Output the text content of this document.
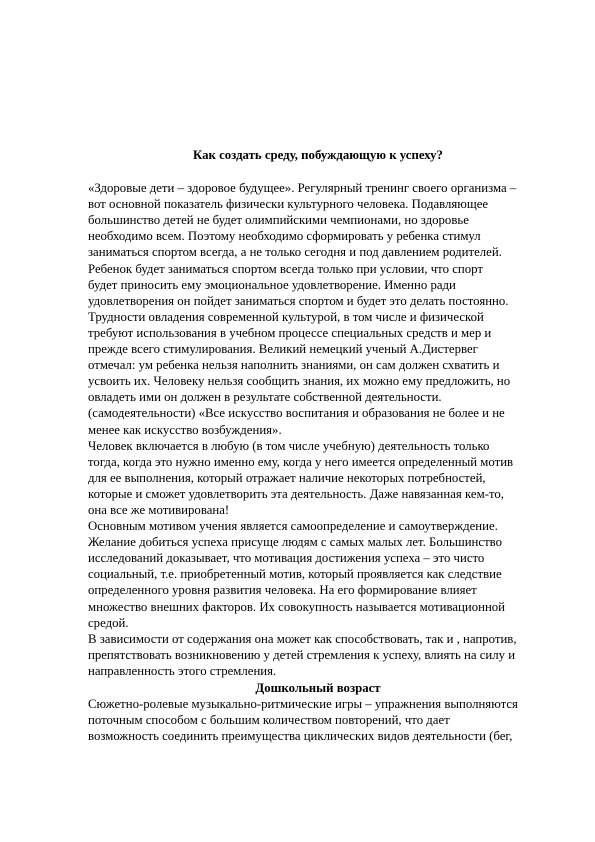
Как создать среду, побуждающую к успеху?

«Здоровые дети – здоровое будущее». Регулярный тренинг своего организма –
вот основной показатель физически культурного человека. Подавляющее
большинство детей не будет олимпийскими чемпионами, но здоровье
необходимо всем. Поэтому необходимо сформировать у ребенка стимул
заниматься спортом всегда, а не только сегодня и под давлением родителей.
Ребенок будет заниматься спортом всегда только при условии, что спорт
будет приносить ему эмоциональное удовлетворение. Именно ради
удовлетворения он пойдет заниматься спортом и будет это делать постоянно.
Трудности овладения современной культурой, в том числе и физической
требуют использования в учебном процессе специальных средств и мер и
прежде всего стимулирования. Великий немецкий ученый А.Дистервег
отмечал: ум ребенка нельзя наполнить знаниями, он сам должен схватить и
усвоить их. Человеку нельзя сообщить знания, их можно ему предложить, но
овладеть ими он должен в результате собственной деятельности.
(самодеятельности) «Все искусство воспитания и образования не более и не
менее как искусство возбуждения».

Человек включается в любую (в том числе учебную) деятельность только
тогда, когда это нужно именно ему, когда у него имеется определенный мотив
для ее выполнения, который отражает наличие некоторых потребностей,
которые и сможет удовлетворить эта деятельность. Даже навязанная кем-то,
она все же мотивирована!

Основным мотивом учения является самоопределение и самоутверждение.
Желание добиться успеха присуще людям с самых малых лет. Большинство
исследований доказывает, что мотивация достижения успеха – это чисто
социальный, т.е. приобретенный мотив, который проявляется как следствие
определенного уровня развития человека. На его формирование влияет
множество внешних факторов. Их совокупность называется мотивационной
средой.

В зависимости от содержания она может как способствовать, так и , напротив,
препятствовать возникновению у детей стремления к успеху, влиять на силу и
направленность этого стремления.

Дошкольный возраст

Сюжетно-ролевые музыкально-ритмические игры – упражнения выполняются
поточным способом с большим количеством повторений, что дает
возможность соединить преимущества циклических видов деятельности (бег,
